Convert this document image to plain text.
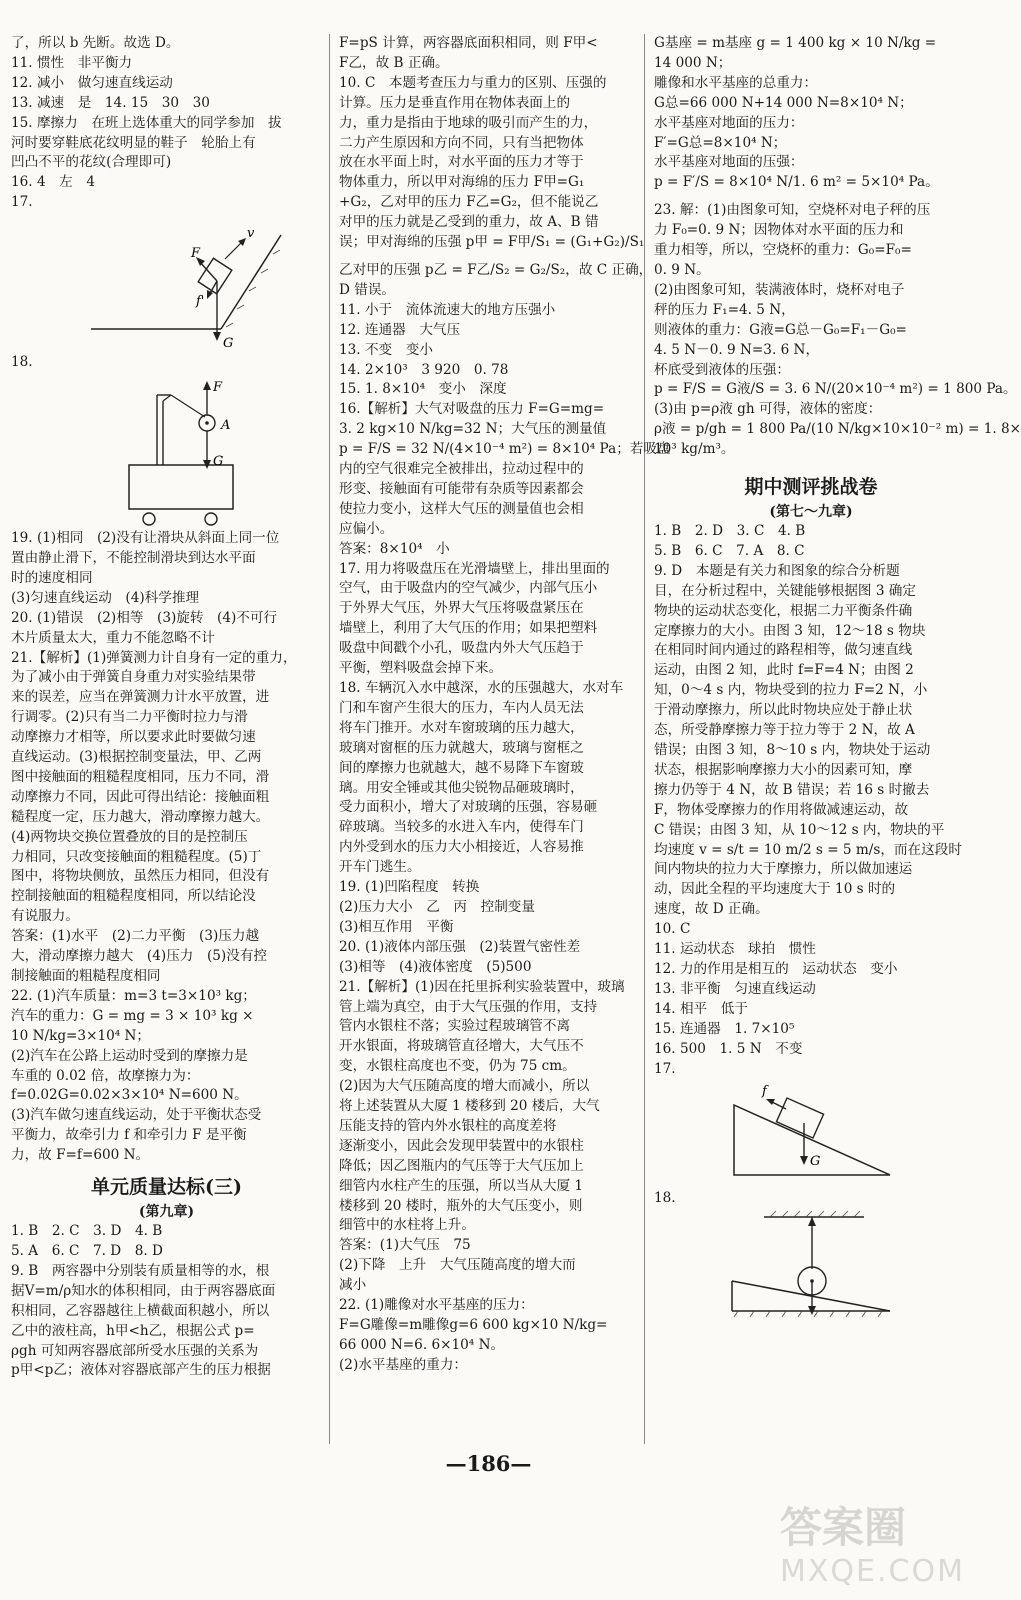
了，所以 b 先断。故选 D。
11. 惯性　非平衡力
12. 减小　做匀速直线运动
13. 减速　是　14. 15　30　30
15. 摩擦力　在班上选体重大的同学参加　拔
河时要穿鞋底花纹明显的鞋子　轮胎上有
凹凸不平的花纹(合理即可)
16. 4　左　4
17.
F
v
f'
G
18.
F
A
G
19. (1)相同　(2)没有让滑块从斜面上同一位
置由静止滑下，不能控制滑块到达水平面
时的速度相同
(3)匀速直线运动　(4)科学推理
20. (1)错误　(2)相等　(3)旋转　(4)不可行
木片质量太大，重力不能忽略不计
21.【解析】(1)弹簧测力计自身有一定的重力，
为了减小由于弹簧自身重力对实验结果带
来的误差，应当在弹簧测力计水平放置，进
行调零。(2)只有当二力平衡时拉力与滑
动摩擦力才相等，所以要求此时要做匀速
直线运动。(3)根据控制变量法，甲、乙两
图中接触面的粗糙程度相同，压力不同，滑
动摩擦力不同，因此可得出结论：接触面粗
糙程度一定，压力越大，滑动摩擦力越大。
(4)两物块交换位置叠放的目的是控制压
力相同，只改变接触面的粗糙程度。(5)丁
图中，将物块侧放，虽然压力相同，但没有
控制接触面的粗糙程度相同，所以结论没
有说服力。
答案：(1)水平　(2)二力平衡　(3)压力越
大，滑动摩擦力越大　(4)压力　(5)没有控
制接触面的粗糙程度相同
22. (1)汽车质量：m=3 t=3×10³ kg；
汽车的重力：G = mg = 3 × 10³ kg ×
10 N/kg=3×10⁴ N；
(2)汽车在公路上运动时受到的摩擦力是
车重的 0.02 倍，故摩擦力为：
f=0.02G=0.02×3×10⁴ N=600 N。
(3)汽车做匀速直线运动，处于平衡状态受
平衡力，故牵引力 f 和牵引力 F 是平衡
力，故 F=f=600 N。
单元质量达标(三)
(第九章)
1. B　2. C　3. D　4. B
5. A　6. C　7. D　8. D
9. B　两容器中分别装有质量相等的水，根
据V=m/ρ知水的体积相同，由于两容器底面
积相同，乙容器越往上横截面积越小，所以
乙中的液柱高，h甲<h乙，根据公式 p=
ρgh 可知两容器底部所受水压强的关系为
p甲<p乙；液体对容器底部产生的压力根据
F=pS 计算，两容器底面积相同，则 F甲<
F乙，故 B 正确。
10. C　本题考查压力与重力的区别、压强的
计算。压力是垂直作用在物体表面上的
力，重力是指由于地球的吸引而产生的力，
二力产生原因和方向不同，只有当把物体
放在水平面上时，对水平面的压力才等于
物体重力，所以甲对海绵的压力 F甲=G₁
+G₂，乙对甲的压力 F乙=G₂，但不能说乙
对甲的压力就是乙受到的重力，故 A、B 错
误；甲对海绵的压强 p甲 = F甲/S₁ = (G₁+G₂)/S₁
乙对甲的压强 p乙 = F乙/S₂ = G₂/S₂，故 C 正确，
D 错误。
11. 小于　流体流速大的地方压强小
12. 连通器　大气压
13. 不变　变小
14. 2×10³　3 920　0. 78
15. 1. 8×10⁴　变小　深度
16.【解析】大气对吸盘的压力 F=G=mg=
3. 2 kg×10 N/kg=32 N；大气压的测量值
p = F/S = 32 N/(4×10⁻⁴ m²) = 8×10⁴ Pa；若吸盘
内的空气很难完全被排出，拉动过程中的
形变、接触面有可能带有杂质等因素都会
使拉力变小，这样大气压的测量值也会相
应偏小。
答案：8×10⁴　小
17. 用力将吸盘压在光滑墙壁上，排出里面的
空气，由于吸盘内的空气减少，内部气压小
于外界大气压，外界大气压将吸盘紧压在
墙壁上，利用了大气压的作用；如果把塑料
吸盘中间戳个小孔，吸盘内外大气压趋于
平衡，塑料吸盘会掉下来。
18. 车辆沉入水中越深，水的压强越大，水对车
门和车窗产生很大的压力，车内人员无法
将车门推开。水对车窗玻璃的压力越大，
玻璃对窗框的压力就越大，玻璃与窗框之
间的摩擦力也就越大，越不易降下车窗玻
璃。用安全锤或其他尖锐物品砸玻璃时，
受力面积小，增大了对玻璃的压强，容易砸
碎玻璃。当较多的水进入车内，使得车门
内外受到水的压力大小相接近，人容易推
开车门逃生。
19. (1)凹陷程度　转换
(2)压力大小　乙　丙　控制变量
(3)相互作用　平衡
20. (1)液体内部压强　(2)装置气密性差
(3)相等　(4)液体密度　(5)500
21.【解析】(1)因在托里拆利实验装置中，玻璃
管上端为真空，由于大气压强的作用，支持
管内水银柱不落；实验过程玻璃管不离
开水银面，将玻璃管直径增大，大气压不
变，水银柱高度也不变，仍为 75 cm。
(2)因为大气压随高度的增大而减小，所以
将上述装置从大厦 1 楼移到 20 楼后，大气
压能支持的管内外水银柱的高度差将
逐渐变小，因此会发现甲装置中的水银柱
降低；因乙图瓶内的气压等于大气压加上
细管内水柱产生的压强，所以当从大厦 1
楼移到 20 楼时，瓶外的大气压变小，则
细管中的水柱将上升。
答案：(1)大气压　75
(2)下降　上升　大气压随高度的增大而
减小
22. (1)雕像对水平基座的压力：
F=G雕像=m雕像g=6 600 kg×10 N/kg=
66 000 N=6. 6×10⁴ N。
(2)水平基座的重力：
G基座 = m基座 g = 1 400 kg × 10 N/kg =
14 000 N；
雕像和水平基座的总重力：
G总=66 000 N+14 000 N=8×10⁴ N；
水平基座对地面的压力：
F′=G总=8×10⁴ N；
水平基座对地面的压强：
p = F′/S = 8×10⁴ N/1. 6 m² = 5×10⁴ Pa。
23. 解：(1)由图象可知，空烧杯对电子秤的压
力 F₀=0. 9 N；因物体对水平面的压力和
重力相等，所以，空烧杯的重力：G₀=F₀=
0. 9 N。
(2)由图象可知，装满液体时，烧杯对电子
秤的压力 F₁=4. 5 N，
则液体的重力：G液=G总－G₀=F₁－G₀=
4. 5 N－0. 9 N=3. 6 N，
杯底受到液体的压强：
p = F/S = G液/S = 3. 6 N/(20×10⁻⁴ m²) = 1 800 Pa。
(3)由 p=ρ液 gh 可得，液体的密度：
ρ液 = p/gh = 1 800 Pa/(10 N/kg×10×10⁻² m) = 1. 8×
10³ kg/m³。
期中测评挑战卷
(第七～九章)
1. B　2. D　3. C　4. B
5. B　6. C　7. A　8. C
9. D　本题是有关力和图象的综合分析题
目，在分析过程中，关键能够根据图 3 确定
物块的运动状态变化，根据二力平衡条件确
定摩擦力的大小。由图 3 知，12～18 s 物块
在相同时间内通过的路程相等，做匀速直线
运动，由图 2 知，此时 f=F=4 N；由图 2
知，0～4 s 内，物块受到的拉力 F=2 N，小
于滑动摩擦力，所以此时物块应处于静止状
态，所受静摩擦力等于拉力等于 2 N，故 A
错误；由图 3 知，8～10 s 内，物块处于运动
状态，根据影响摩擦力大小的因素可知，摩
擦力仍等于 4 N，故 B 错误；若 16 s 时撤去
F，物体受摩擦力的作用将做减速运动，故
C 错误；由图 3 知，从 10～12 s 内，物块的平
均速度 v = s/t = 10 m/2 s = 5 m/s，而在这段时
间内物块的拉力大于摩擦力，所以做加速运
动，因此全程的平均速度大于 10 s 时的
速度，故 D 正确。
10. C
11. 运动状态　球拍　惯性
12. 力的作用是相互的　运动状态　变小
13. 非平衡　匀速直线运动
14. 相平　低于
15. 连通器　1. 7×10⁵
16. 500　1. 5 N　不变
17.
f
G
18.
—186—
答案圈
MXQE.COM
